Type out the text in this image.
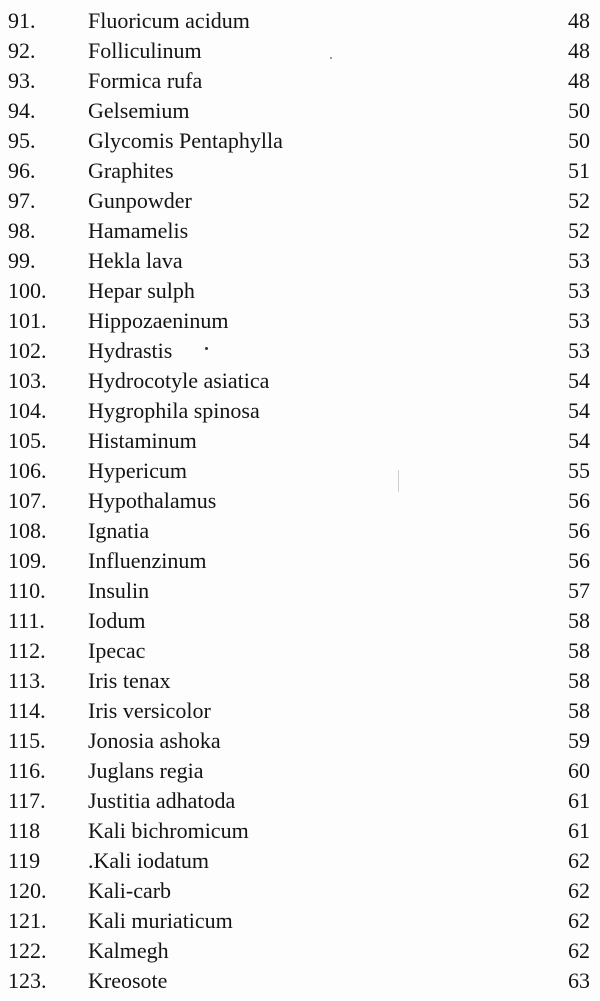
91. Fluoricum acidum	48
92. Folliculinum	48
93. Formica rufa	48
94. Gelsemium	50
95. Glycomis Pentaphylla	50
96. Graphites	51
97. Gunpowder	52
98. Hamamelis	52
99. Hekla lava	53
100. Hepar sulph	53
101. Hippozaeninum	53
102. Hydrastis	53
103. Hydrocotyle asiatica	54
104. Hygrophila spinosa	54
105. Histaminum	54
106. Hypericum	55
107. Hypothalamus	56
108. Ignatia	56
109. Influenzinum	56
110. Insulin	57
111. Iodum	58
112. Ipecac	58
113. Iris tenax	58
114. Iris versicolor	58
115. Jonosia ashoka	59
116. Juglans regia	60
117. Justitia adhatoda	61
118 Kali bichromicum	61
119 .Kali iodatum	62
120. Kali-carb	62
121. Kali muriaticum	62
122. Kalmegh	62
123. Kreosote	63
